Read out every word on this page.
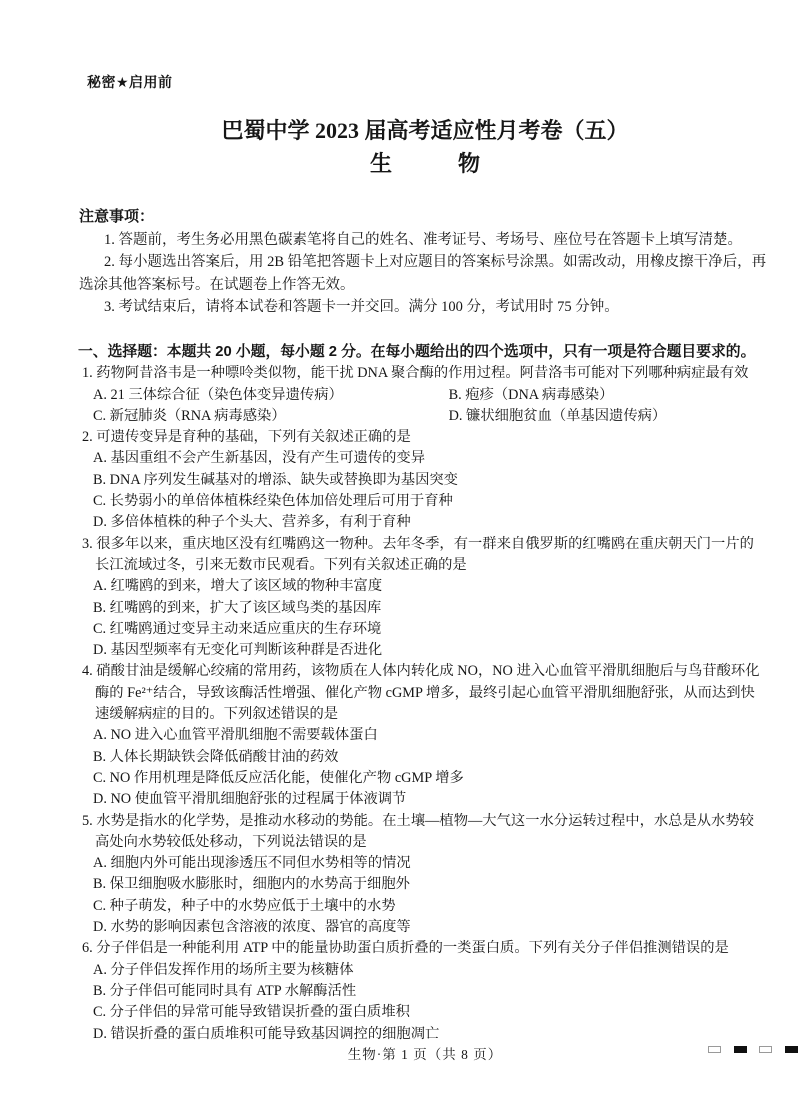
秘密★启用前
巴蜀中学 2023 届高考适应性月考卷（五）
生　　　物
注意事项：
1. 答题前，考生务必用黑色碳素笔将自己的姓名、准考证号、考场号、座位号在答题卡上填写清楚。
2. 每小题选出答案后，用 2B 铅笔把答题卡上对应题目的答案标号涂黑。如需改动，用橡皮擦干净后，再
选涂其他答案标号。在试题卷上作答无效。
3. 考试结束后，请将本试卷和答题卡一并交回。满分 100 分，考试用时 75 分钟。
一、选择题：本题共 20 小题，每小题 2 分。在每小题给出的四个选项中，只有一项是符合题目要求的。
1. 药物阿昔洛韦是一种嘌呤类似物，能干扰 DNA 聚合酶的作用过程。阿昔洛韦可能对下列哪种病症最有效
A. 21 三体综合征（染色体变异遗传病）	B. 疱疹（DNA 病毒感染）
C. 新冠肺炎（RNA 病毒感染）	D. 镰状细胞贫血（单基因遗传病）
2. 可遗传变异是育种的基础，下列有关叙述正确的是
A. 基因重组不会产生新基因，没有产生可遗传的变异
B. DNA 序列发生碱基对的增添、缺失或替换即为基因突变
C. 长势弱小的单倍体植株经染色体加倍处理后可用于育种
D. 多倍体植株的种子个头大、营养多，有利于育种
3. 很多年以来，重庆地区没有红嘴鸥这一物种。去年冬季，有一群来自俄罗斯的红嘴鸥在重庆朝天门一片的
长江流域过冬，引来无数市民观看。下列有关叙述正确的是
A. 红嘴鸥的到来，增大了该区域的物种丰富度
B. 红嘴鸥的到来，扩大了该区域鸟类的基因库
C. 红嘴鸥通过变异主动来适应重庆的生存环境
D. 基因型频率有无变化可判断该种群是否进化
4. 硝酸甘油是缓解心绞痛的常用药，该物质在人体内转化成 NO，NO 进入心血管平滑肌细胞后与鸟苷酸环化
酶的 Fe²⁺结合，导致该酶活性增强、催化产物 cGMP 增多，最终引起心血管平滑肌细胞舒张，从而达到快
速缓解病症的目的。下列叙述错误的是
A. NO 进入心血管平滑肌细胞不需要载体蛋白
B. 人体长期缺铁会降低硝酸甘油的药效
C. NO 作用机理是降低反应活化能，使催化产物 cGMP 增多
D. NO 使血管平滑肌细胞舒张的过程属于体液调节
5. 水势是指水的化学势，是推动水移动的势能。在土壤—植物—大气这一水分运转过程中，水总是从水势较
高处向水势较低处移动，下列说法错误的是
A. 细胞内外可能出现渗透压不同但水势相等的情况
B. 保卫细胞吸水膨胀时，细胞内的水势高于细胞外
C. 种子萌发，种子中的水势应低于土壤中的水势
D. 水势的影响因素包含溶液的浓度、器官的高度等
6. 分子伴侣是一种能利用 ATP 中的能量协助蛋白质折叠的一类蛋白质。下列有关分子伴侣推测错误的是
A. 分子伴侣发挥作用的场所主要为核糖体
B. 分子伴侣可能同时具有 ATP 水解酶活性
C. 分子伴侣的异常可能导致错误折叠的蛋白质堆积
D. 错误折叠的蛋白质堆积可能导致基因调控的细胞凋亡
生物·第 1 页（共 8 页）
